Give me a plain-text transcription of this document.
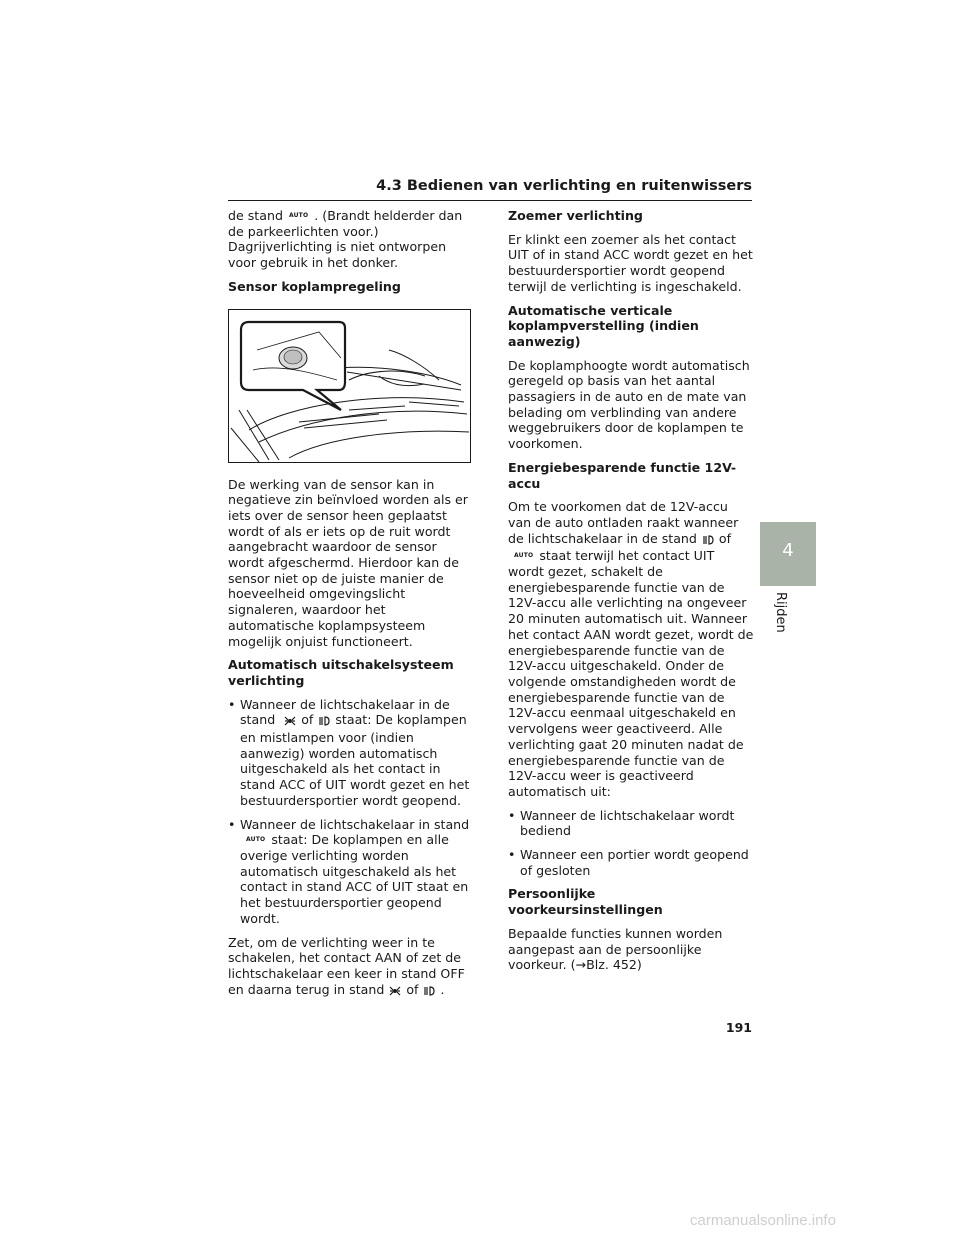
4.3 Bedienen van verlichting en ruitenwissers

de stand AUTO . (Brandt helderder dan de parkeerlichten voor.) Dagrijverlichting is niet ontworpen voor gebruik in het donker.

Sensor koplampregeling

De werking van de sensor kan in negatieve zin beïnvloed worden als er iets over de sensor heen geplaatst wordt of als er iets op de ruit wordt aangebracht waardoor de sensor wordt afgeschermd. Hierdoor kan de sensor niet op de juiste manier de hoeveelheid omgevingslicht signaleren, waardoor het automatische koplampsysteem mogelijk onjuist functioneert.

Automatisch uitschakelsysteem verlichting
• Wanneer de lichtschakelaar in de stand of staat: De koplampen en mistlampen voor (indien aanwezig) worden automatisch uitgeschakeld als het contact in stand ACC of UIT wordt gezet en het bestuurdersportier wordt geopend.
• Wanneer de lichtschakelaar in standAUTO staat: De koplampen en alle overige verlichting worden automatisch uitgeschakeld als het contact in stand ACC of UIT staat en het bestuurdersportier geopend wordt.

Zet, om de verlichting weer in te schakelen, het contact AAN of zet de lichtschakelaar een keer in stand OFF en daarna terug in stand of .

Zoemer verlichting

Er klinkt een zoemer als het contact UIT of in stand ACC wordt gezet en het bestuurdersportier wordt geopend terwijl de verlichting is ingeschakeld.

Automatische verticale koplampverstelling (indien aanwezig)

De koplamphoogte wordt automatisch geregeld op basis van het aantal passagiers in de auto en de mate van belading om verblinding van andere weggebruikers door de koplampen te voorkomen.

Energiebesparende functie 12V-accu

Om te voorkomen dat de 12V-accu van de auto ontladen raakt wanneer de lichtschakelaar in de stand ofAUTO staat terwijl het contact UIT wordt gezet, schakelt de energiebesparende functie van de 12V-accu alle verlichting na ongeveer 20 minuten automatisch uit. Wanneer het contact AAN wordt gezet, wordt de energiebesparende functie van de 12V-accu uitgeschakeld. Onder de volgende omstandigheden wordt de energiebesparende functie van de 12V-accu eenmaal uitgeschakeld en vervolgens weer geactiveerd. Alle verlichting gaat 20 minuten nadat de energiebesparende functie van de 12V-accu weer is geactiveerd automatisch uit:

• Wanneer de lichtschakelaar wordt bediend
• Wanneer een portier wordt geopend of gesloten
Persoonlijke voorkeursinstellingen

Bepaalde functies kunnen worden aangepast aan de persoonlijke voorkeur. (→Blz. 452)

4
Rijden
191
carmanualsonline.info
